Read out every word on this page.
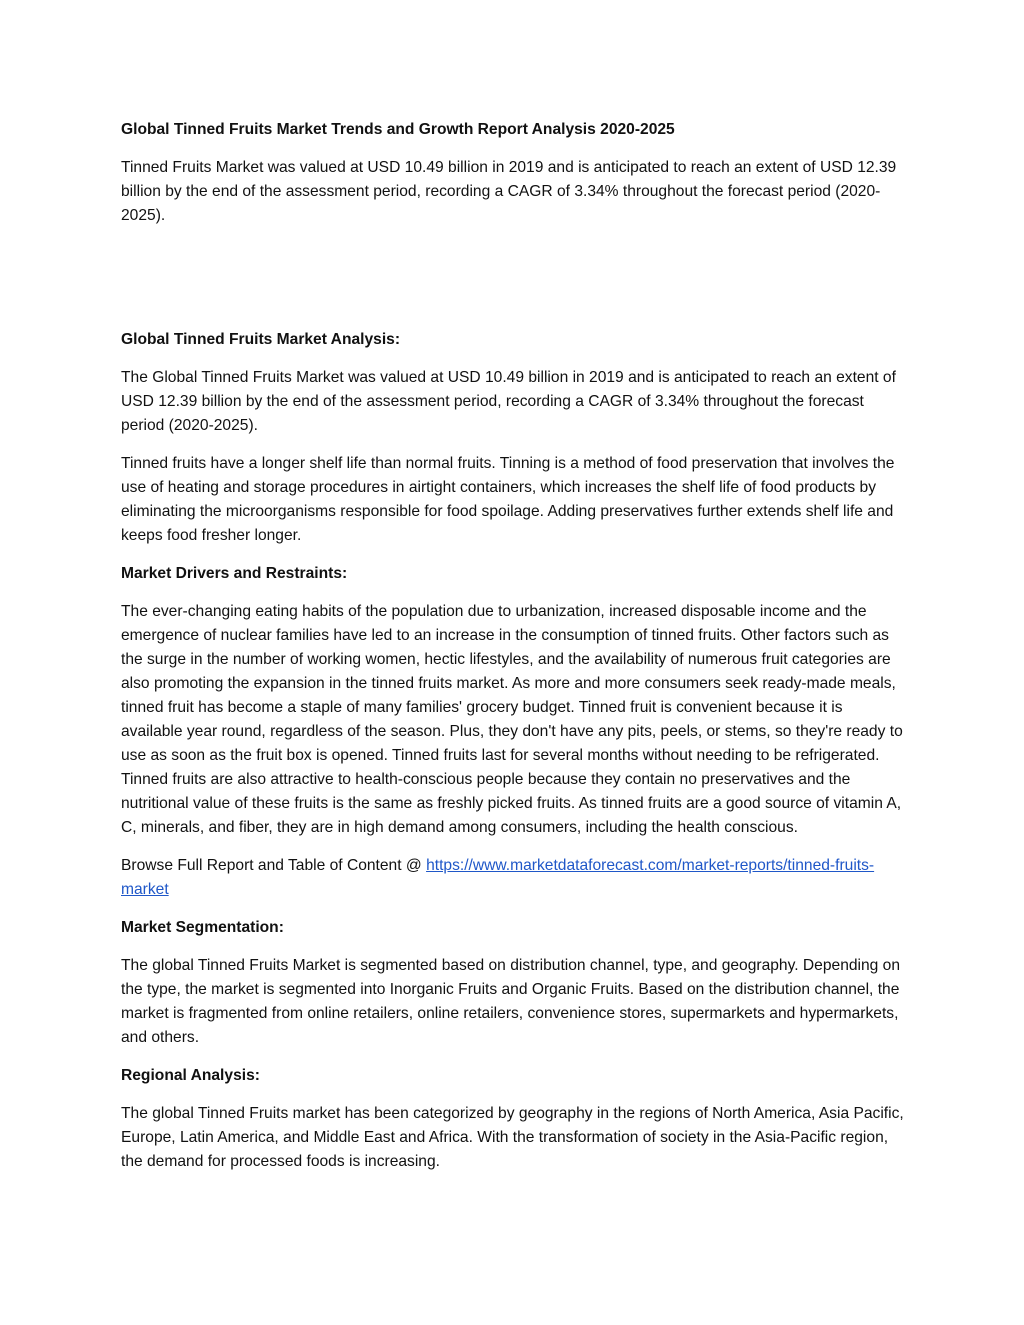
Global Tinned Fruits Market Trends and Growth Report Analysis 2020-2025

Tinned Fruits Market was valued at USD 10.49 billion in 2019 and is anticipated to reach an extent of USD 12.39 billion by the end of the assessment period, recording a CAGR of 3.34% throughout the forecast period (2020-2025).

Global Tinned Fruits Market Analysis:

The Global Tinned Fruits Market was valued at USD 10.49 billion in 2019 and is anticipated to reach an extent of USD 12.39 billion by the end of the assessment period, recording a CAGR of 3.34% throughout the forecast period (2020-2025).

Tinned fruits have a longer shelf life than normal fruits. Tinning is a method of food preservation that involves the use of heating and storage procedures in airtight containers, which increases the shelf life of food products by eliminating the microorganisms responsible for food spoilage. Adding preservatives further extends shelf life and keeps food fresher longer.

Market Drivers and Restraints:

The ever-changing eating habits of the population due to urbanization, increased disposable income and the emergence of nuclear families have led to an increase in the consumption of tinned fruits. Other factors such as the surge in the number of working women, hectic lifestyles, and the availability of numerous fruit categories are also promoting the expansion in the tinned fruits market. As more and more consumers seek ready-made meals, tinned fruit has become a staple of many families' grocery budget. Tinned fruit is convenient because it is available year round, regardless of the season. Plus, they don't have any pits, peels, or stems, so they're ready to use as soon as the fruit box is opened. Tinned fruits last for several months without needing to be refrigerated. Tinned fruits are also attractive to health-conscious people because they contain no preservatives and the nutritional value of these fruits is the same as freshly picked fruits. As tinned fruits are a good source of vitamin A, C, minerals, and fiber, they are in high demand among consumers, including the health conscious.

Browse Full Report and Table of Content @ https://www.marketdataforecast.com/market-reports/tinned-fruits-market

Market Segmentation:

The global Tinned Fruits Market is segmented based on distribution channel, type, and geography. Depending on the type, the market is segmented into Inorganic Fruits and Organic Fruits. Based on the distribution channel, the market is fragmented from online retailers, online retailers, convenience stores, supermarkets and hypermarkets, and others.

Regional Analysis:

The global Tinned Fruits market has been categorized by geography in the regions of North America, Asia Pacific, Europe, Latin America, and Middle East and Africa. With the transformation of society in the Asia-Pacific region, the demand for processed foods is increasing.
